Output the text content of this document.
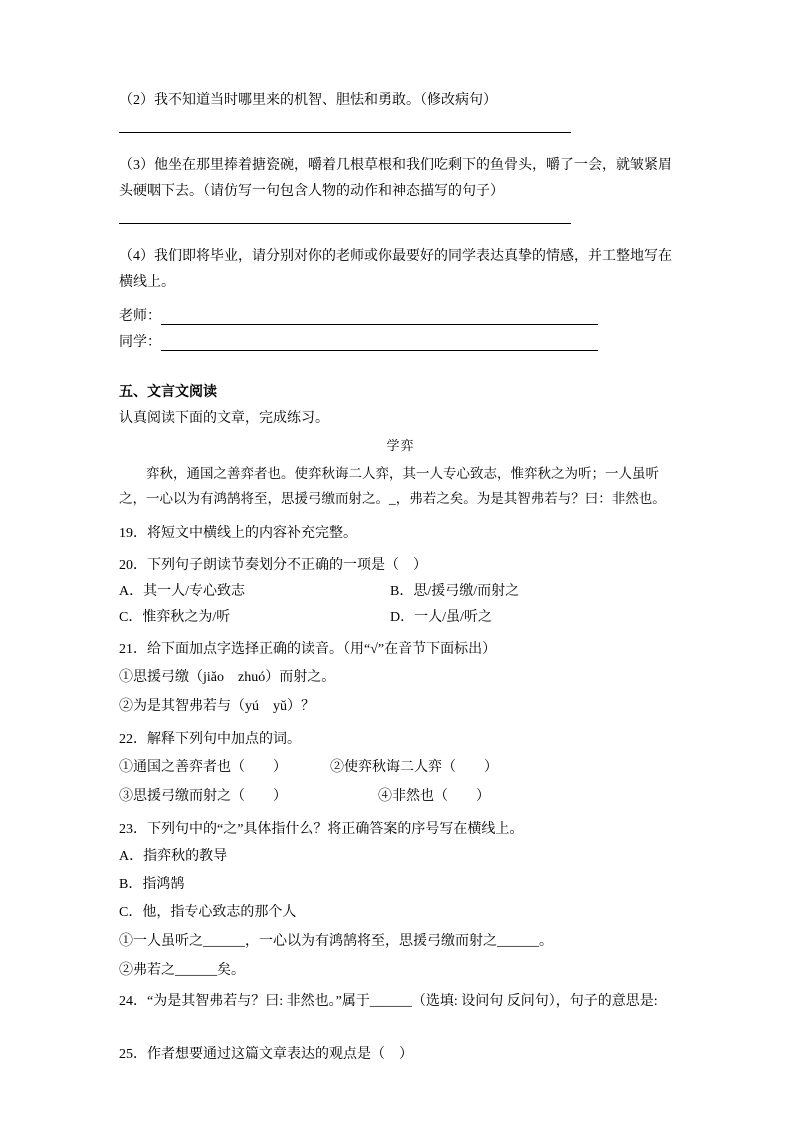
（2）我不知道当时哪里来的机智、胆怯和勇敢。（修改病句）

（3）他坐在那里捧着搪瓷碗，嚼着几根草根和我们吃剩下的鱼骨头，嚼了一会，就皱紧眉头硬咽下去。（请仿写一句包含人物的动作和神态描写的句子）

（4）我们即将毕业，请分别对你的老师或你最要好的同学表达真挚的情感，并工整地写在横线上。

老师：
同学：

五、文言文阅读

认真阅读下面的文章，完成练习。

学弈

弈秋，通国之善弈者也。使弈秋诲二人弈，其一人专心致志，惟弈秋之为听；一人虽听之，一心以为有鸿鹄将至，思援弓缴而射之。_，弗若之矣。为是其智弗若与？曰：非然也。

19．将短文中横线上的内容补充完整。

20．下列句子朗读节奏划分不正确的一项是（　）

A．其一人/专心致志	B．思/援弓缴/而射之
C．惟弈秋之为/听	D．一人/虽/听之

21．给下面加点字选择正确的读音。（用“√”在音节下面标出）

①思援弓缴（jiǎo　zhuó）而射之。

②为是其智弗若与（yú　yǔ）？

22．解释下列句中加点的词。

①通国之善弈者也（　　）	②使弈秋诲二人弈（　　）
③思援弓缴而射之（　　）	④非然也（　　）

23．下列句中的“之”具体指什么？将正确答案的序号写在横线上。

A．指弈秋的教导

B．指鸿鹄

C．他，指专心致志的那个人

①一人虽听之______，一心以为有鸿鹄将至，思援弓缴而射之______。

②弗若之______矣。

24．“为是其智弗若与？曰: 非然也。”属于______（选填: 设问句 反问句），句子的意思是:

25．作者想要通过这篇文章表达的观点是（　）
